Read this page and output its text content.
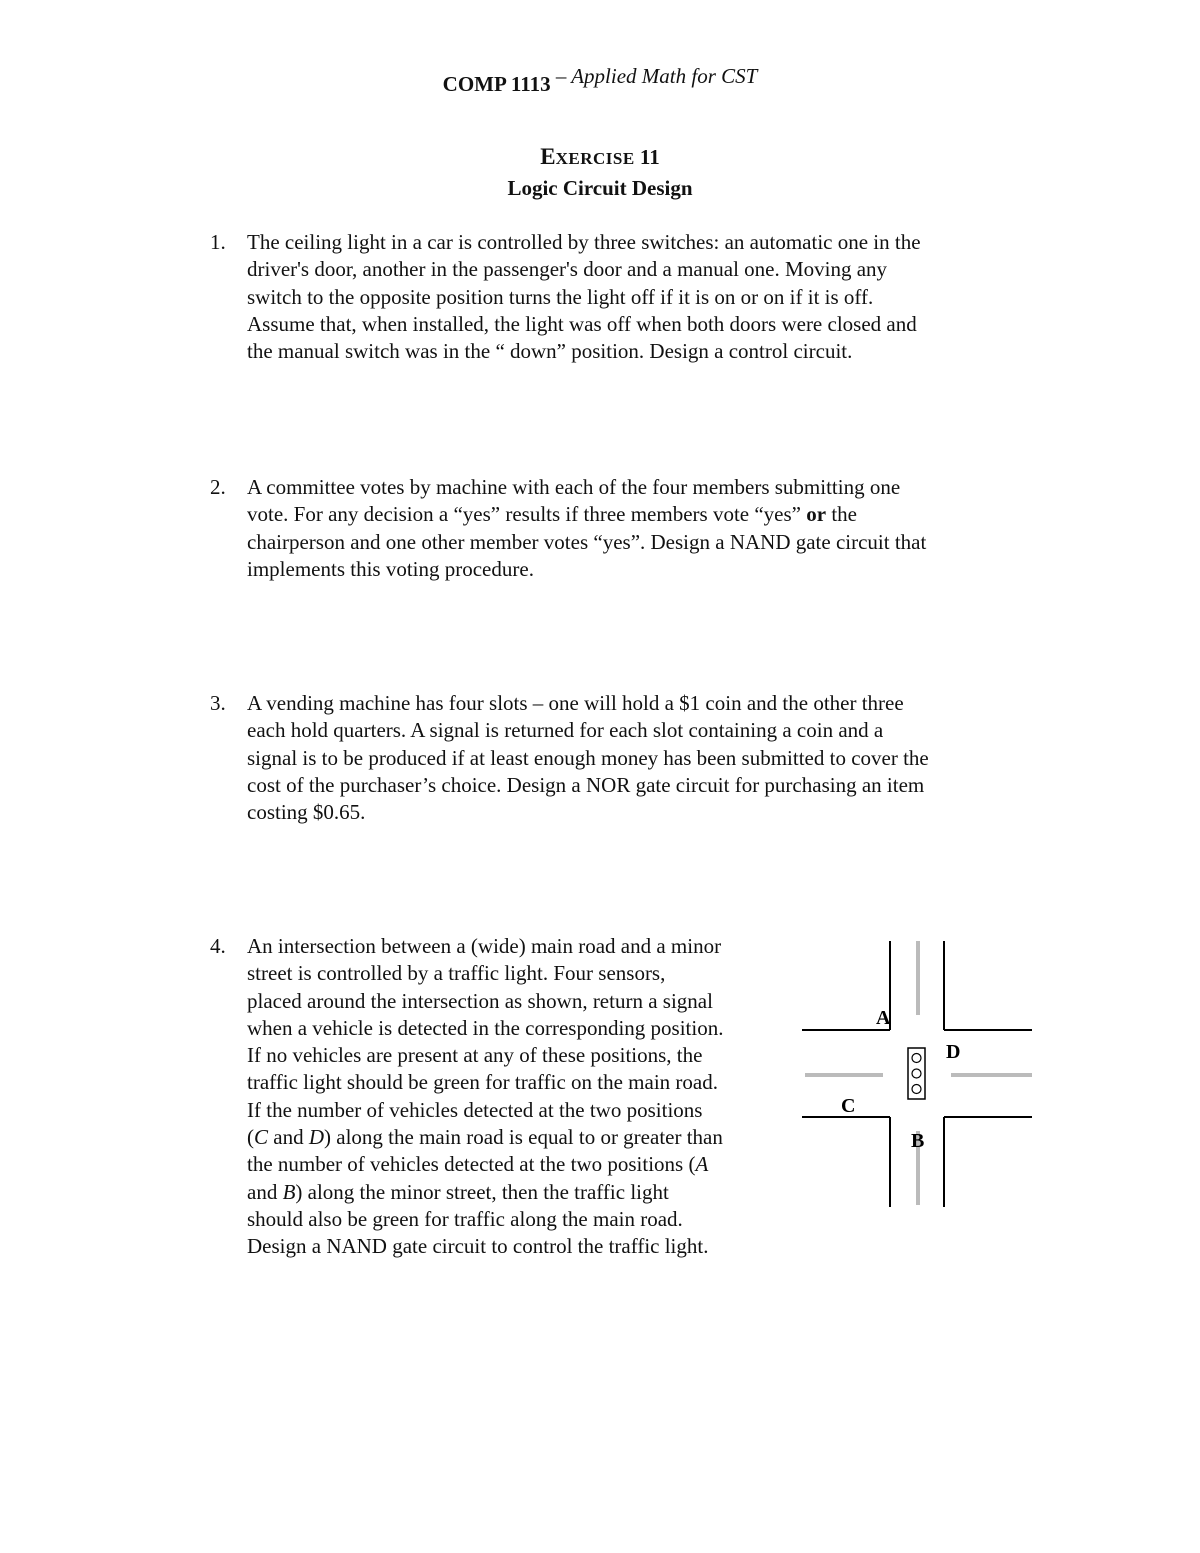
COMP 1113 – Applied Math for CST
EXERCISE 11
Logic Circuit Design
1. The ceiling light in a car is controlled by three switches: an automatic one in the
driver's door, another in the passenger's door and a manual one. Moving any
switch to the opposite position turns the light off if it is on or on if it is off.
Assume that, when installed, the light was off when both doors were closed and
the manual switch was in the “ down” position. Design a control circuit.
2. A committee votes by machine with each of the four members submitting one
vote. For any decision a “yes” results if three members vote “yes” or the
chairperson and one other member votes “yes”. Design a NAND gate circuit that
implements this voting procedure.
3. A vending machine has four slots – one will hold a $1 coin and the other three
each hold quarters. A signal is returned for each slot containing a coin and a
signal is to be produced if at least enough money has been submitted to cover the
cost of the purchaser’s choice. Design a NOR gate circuit for purchasing an item
costing $0.65.
4. An intersection between a (wide) main road and a minor
street is controlled by a traffic light. Four sensors,
placed around the intersection as shown, return a signal
when a vehicle is detected in the corresponding position.
If no vehicles are present at any of these positions, the
traffic light should be green for traffic on the main road.
If the number of vehicles detected at the two positions
(C and D) along the main road is equal to or greater than
the number of vehicles detected at the two positions (A
and B) along the minor street, then the traffic light
should also be green for traffic along the main road.
Design a NAND gate circuit to control the traffic light.
A
B
C
D
